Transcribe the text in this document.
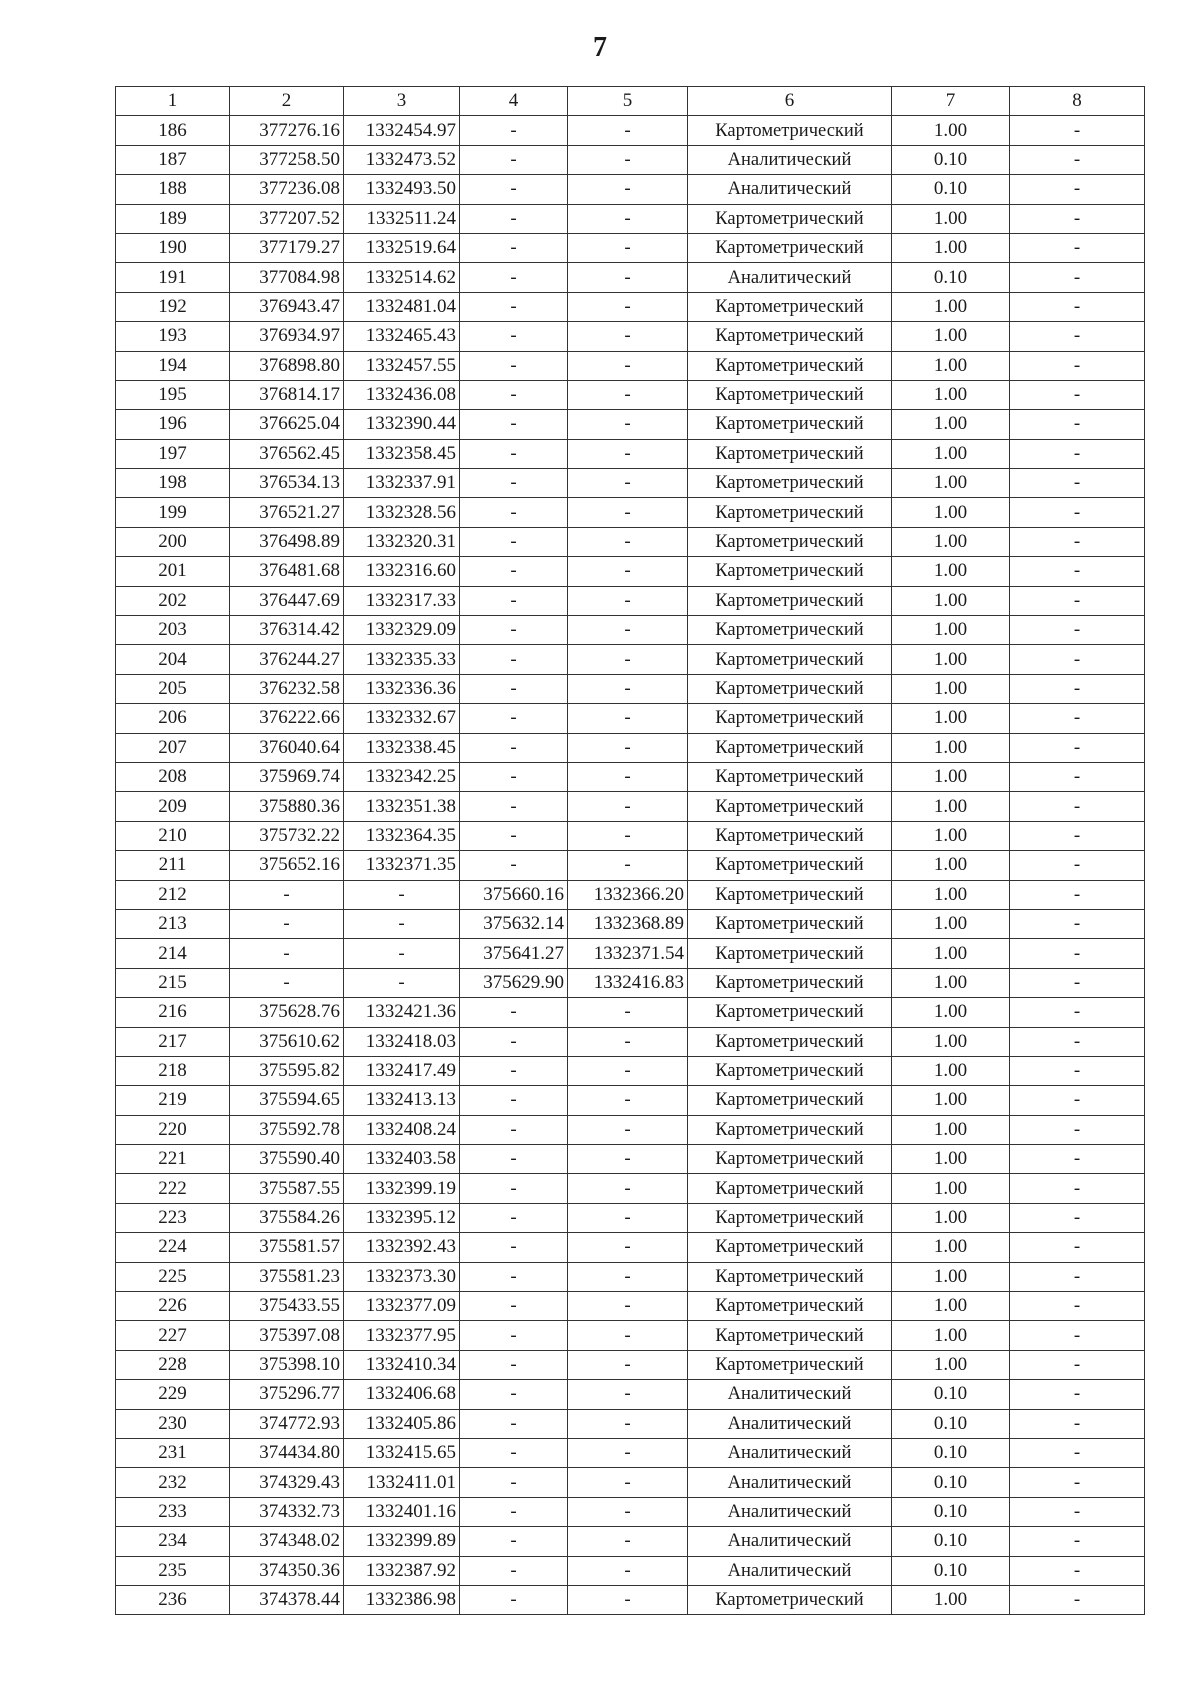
7
1	2	3	4	5	6	7	8
186	377276.16	1332454.97	-	-	Картометрический	1.00	-
187	377258.50	1332473.52	-	-	Аналитический	0.10	-
188	377236.08	1332493.50	-	-	Аналитический	0.10	-
189	377207.52	1332511.24	-	-	Картометрический	1.00	-
190	377179.27	1332519.64	-	-	Картометрический	1.00	-
191	377084.98	1332514.62	-	-	Аналитический	0.10	-
192	376943.47	1332481.04	-	-	Картометрический	1.00	-
193	376934.97	1332465.43	-	-	Картометрический	1.00	-
194	376898.80	1332457.55	-	-	Картометрический	1.00	-
195	376814.17	1332436.08	-	-	Картометрический	1.00	-
196	376625.04	1332390.44	-	-	Картометрический	1.00	-
197	376562.45	1332358.45	-	-	Картометрический	1.00	-
198	376534.13	1332337.91	-	-	Картометрический	1.00	-
199	376521.27	1332328.56	-	-	Картометрический	1.00	-
200	376498.89	1332320.31	-	-	Картометрический	1.00	-
201	376481.68	1332316.60	-	-	Картометрический	1.00	-
202	376447.69	1332317.33	-	-	Картометрический	1.00	-
203	376314.42	1332329.09	-	-	Картометрический	1.00	-
204	376244.27	1332335.33	-	-	Картометрический	1.00	-
205	376232.58	1332336.36	-	-	Картометрический	1.00	-
206	376222.66	1332332.67	-	-	Картометрический	1.00	-
207	376040.64	1332338.45	-	-	Картометрический	1.00	-
208	375969.74	1332342.25	-	-	Картометрический	1.00	-
209	375880.36	1332351.38	-	-	Картометрический	1.00	-
210	375732.22	1332364.35	-	-	Картометрический	1.00	-
211	375652.16	1332371.35	-	-	Картометрический	1.00	-
212	-	-	375660.16	1332366.20	Картометрический	1.00	-
213	-	-	375632.14	1332368.89	Картометрический	1.00	-
214	-	-	375641.27	1332371.54	Картометрический	1.00	-
215	-	-	375629.90	1332416.83	Картометрический	1.00	-
216	375628.76	1332421.36	-	-	Картометрический	1.00	-
217	375610.62	1332418.03	-	-	Картометрический	1.00	-
218	375595.82	1332417.49	-	-	Картометрический	1.00	-
219	375594.65	1332413.13	-	-	Картометрический	1.00	-
220	375592.78	1332408.24	-	-	Картометрический	1.00	-
221	375590.40	1332403.58	-	-	Картометрический	1.00	-
222	375587.55	1332399.19	-	-	Картометрический	1.00	-
223	375584.26	1332395.12	-	-	Картометрический	1.00	-
224	375581.57	1332392.43	-	-	Картометрический	1.00	-
225	375581.23	1332373.30	-	-	Картометрический	1.00	-
226	375433.55	1332377.09	-	-	Картометрический	1.00	-
227	375397.08	1332377.95	-	-	Картометрический	1.00	-
228	375398.10	1332410.34	-	-	Картометрический	1.00	-
229	375296.77	1332406.68	-	-	Аналитический	0.10	-
230	374772.93	1332405.86	-	-	Аналитический	0.10	-
231	374434.80	1332415.65	-	-	Аналитический	0.10	-
232	374329.43	1332411.01	-	-	Аналитический	0.10	-
233	374332.73	1332401.16	-	-	Аналитический	0.10	-
234	374348.02	1332399.89	-	-	Аналитический	0.10	-
235	374350.36	1332387.92	-	-	Аналитический	0.10	-
236	374378.44	1332386.98	-	-	Картометрический	1.00	-
